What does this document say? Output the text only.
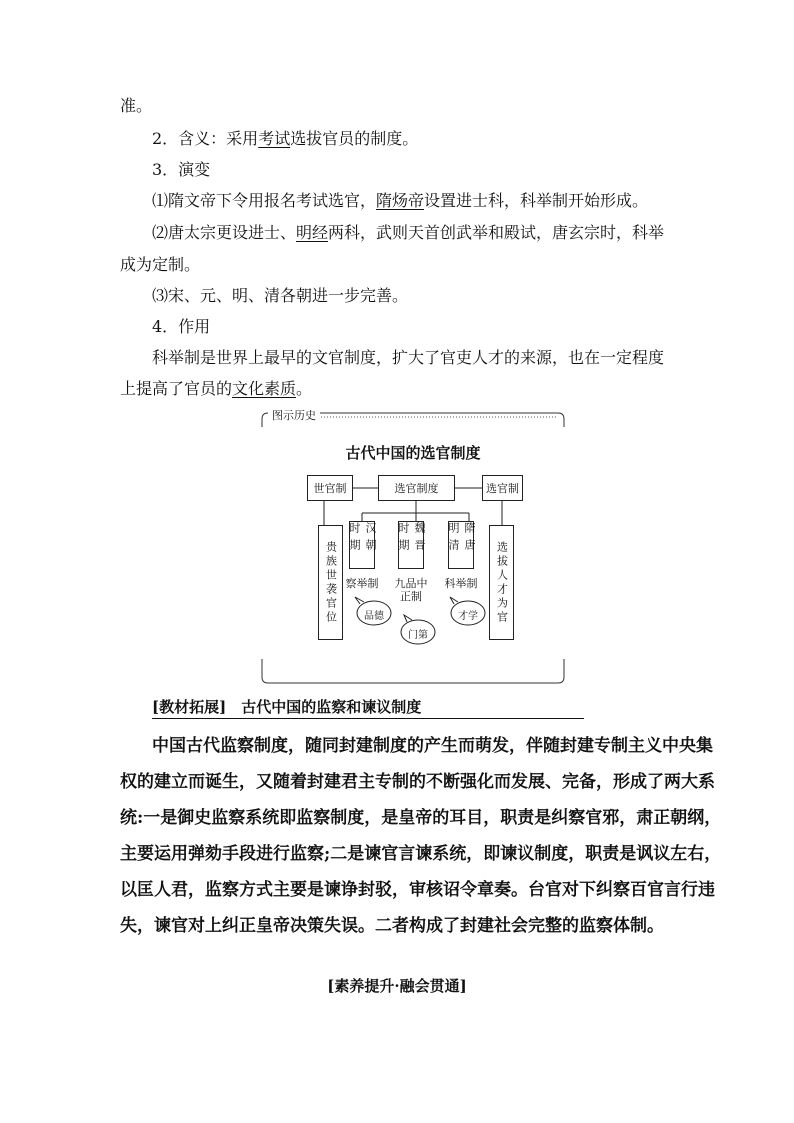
准。
2．含义：采用考试选拔官员的制度。
3．演变
⑴隋文帝下令用报名考试选官，隋炀帝设置进士科，科举制开始形成。
⑵唐太宗更设进士、明经两科，武则天首创武举和殿试，唐玄宗时，科举
成为定制。
⑶宋、元、明、清各朝进一步完善。
4．作用
科举制是世界上最早的文官制度，扩大了官吏人才的来源，也在一定程度
上提高了官员的文化素质。
图示历史
古代中国的选官制度
世官制	选官制度	选官制
贵族世袭官位	选拔人才为官
汉朝时期	魏晋时期	隋唐明清
察举制	九品中正制
科举制
品德
门第
才学
[教材拓展]　古代中国的监察和谏议制度
中国古代监察制度，随同封建制度的产生而萌发，伴随封建专制主义中央集
权的建立而诞生，又随着封建君主专制的不断强化而发展、完备，形成了两大系
统:一是御史监察系统即监察制度，是皇帝的耳目，职责是纠察官邪，肃正朝纲，
主要运用弹劾手段进行监察;二是谏官言谏系统，即谏议制度，职责是讽议左右，
以匡人君，监察方式主要是谏诤封驳，审核诏令章奏。台官对下纠察百官言行违
失，谏官对上纠正皇帝决策失误。二者构成了封建社会完整的监察体制。
[素养提升·融会贯通]
